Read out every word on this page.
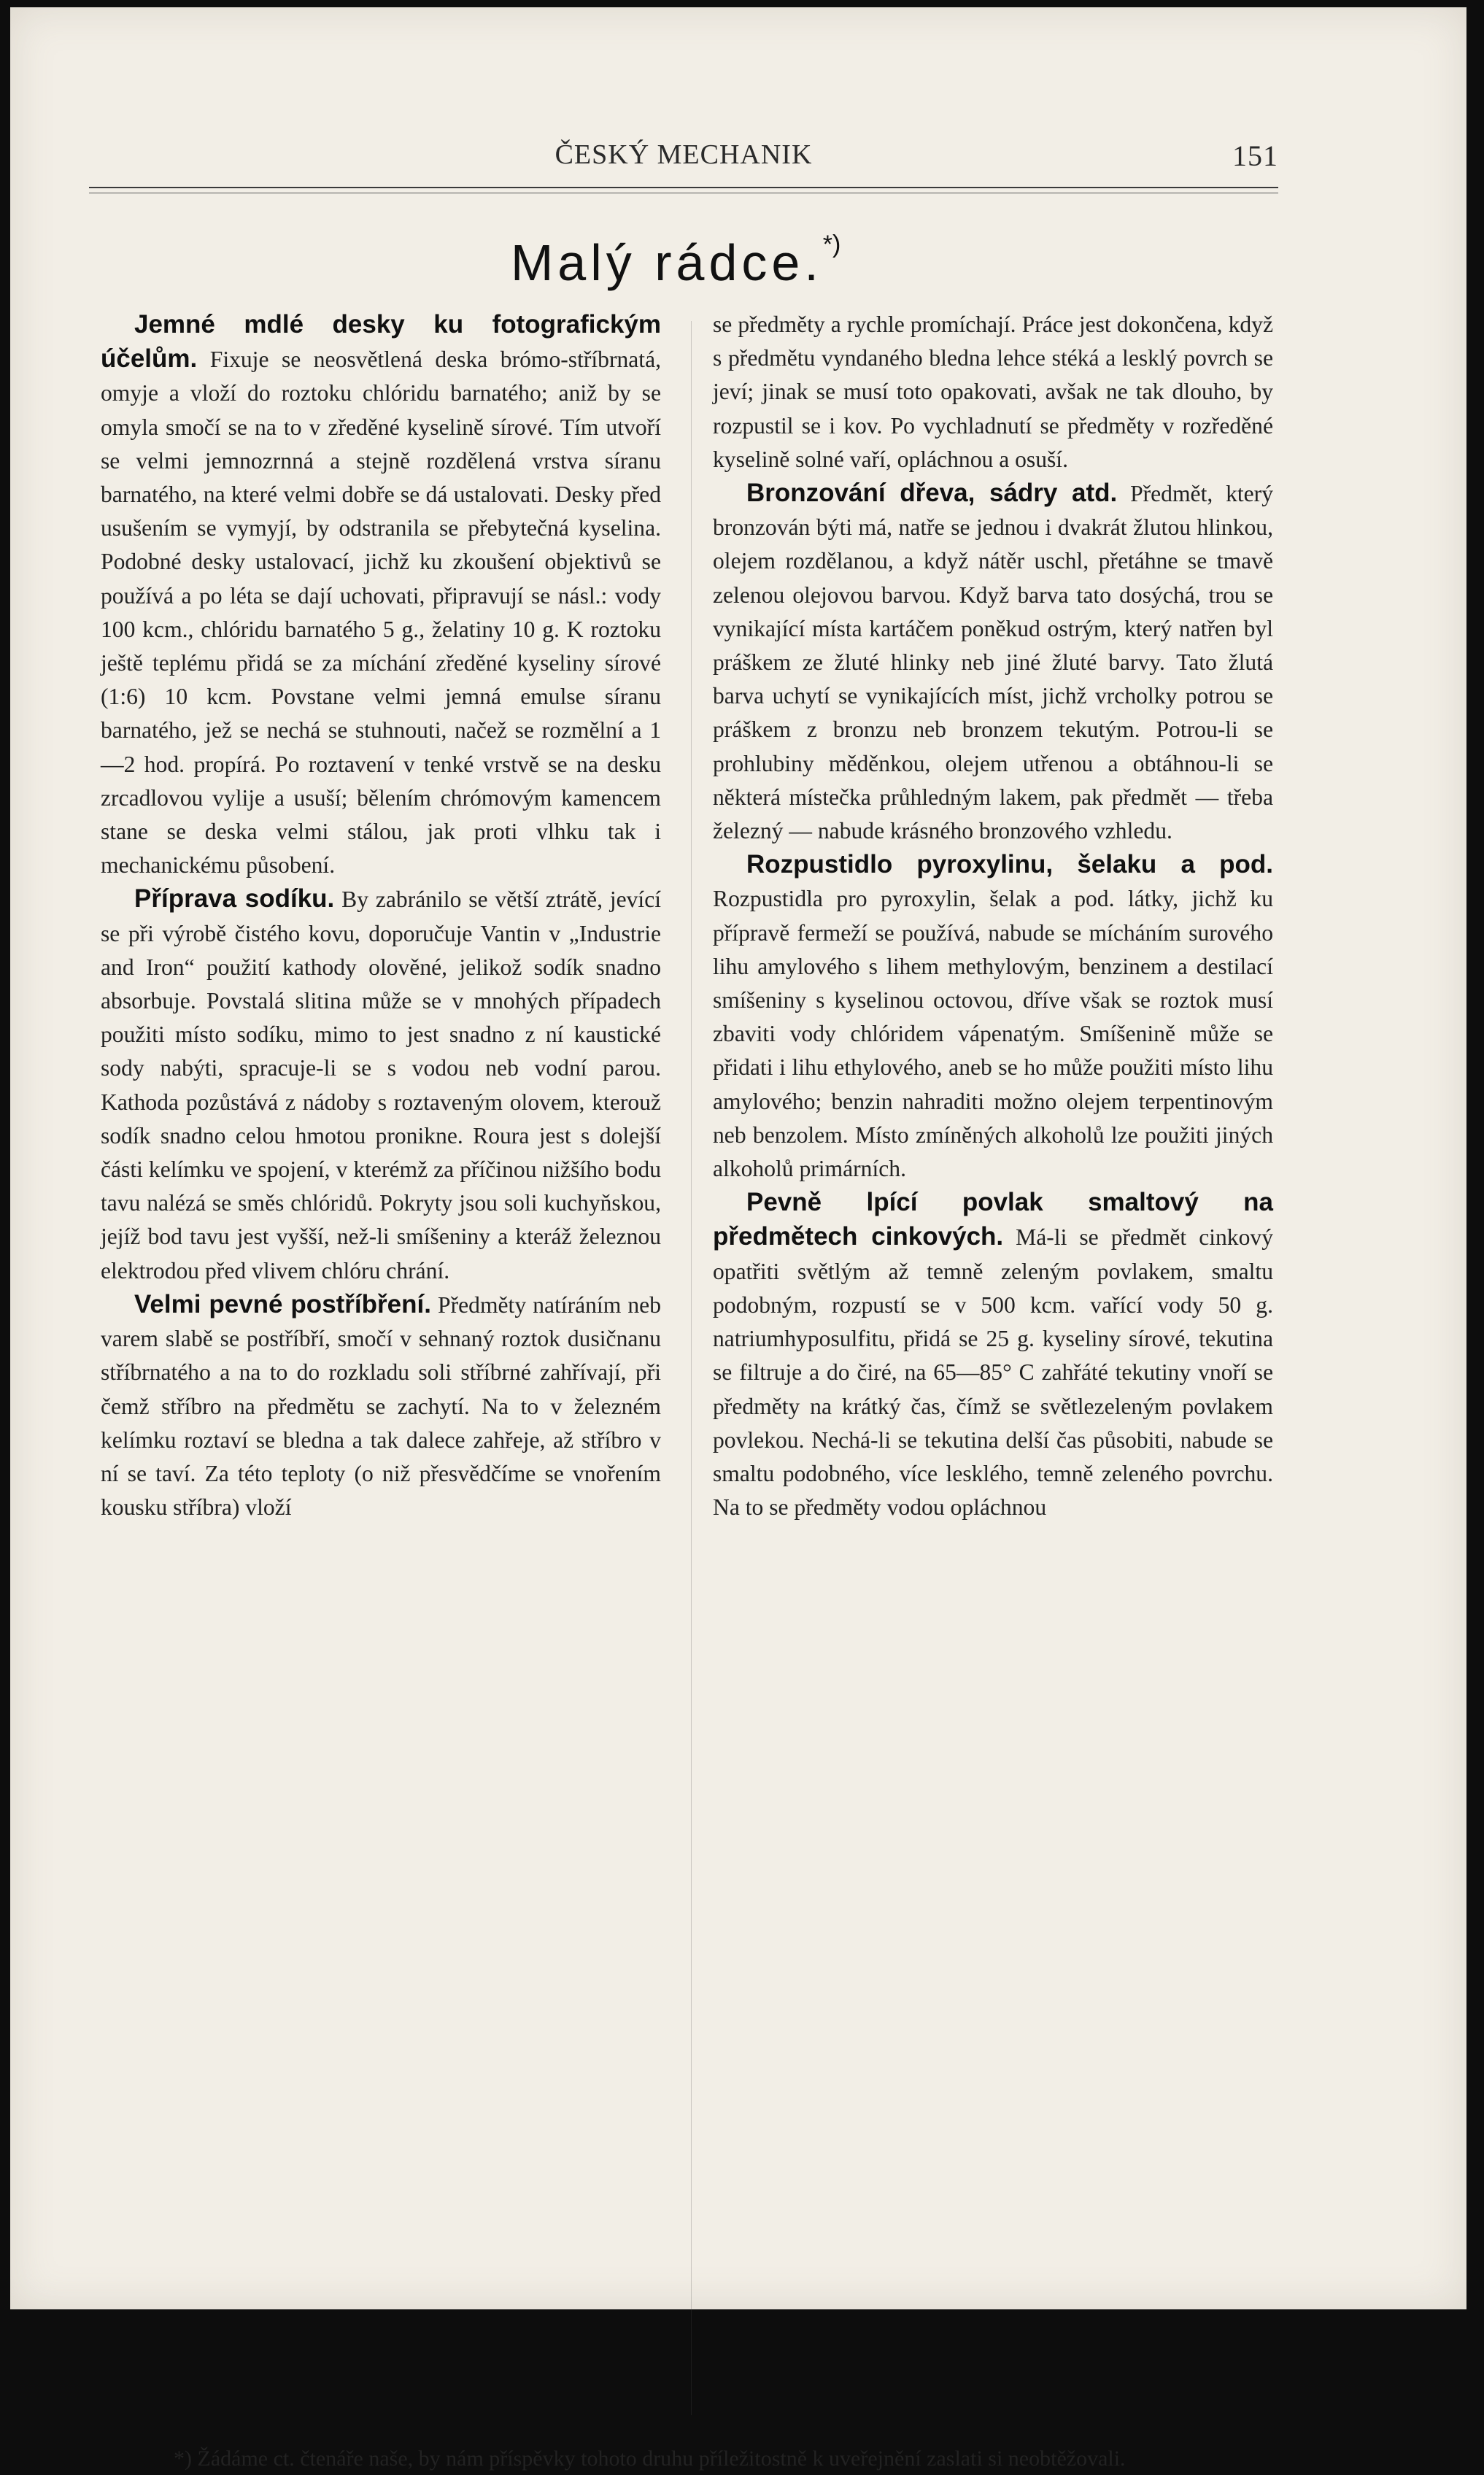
ČESKÝ MECHANIK	151
Malý rádce.*)

Jemné mdlé desky ku fotografickým účelům. Fixuje se neosvětlená deska brómo-stříbrnatá, omyje a vloží do roztoku chlóridu barnatého; aniž by se omyla smočí se na to v zředěné kyselině sírové. Tím utvoří se velmi jemnozrnná a stejně rozdělená vrstva síranu barnatého, na které velmi dobře se dá ustalovati. Desky před usušením se vymyjí, by odstranila se přebytečná kyselina. Podobné desky ustalovací, jichž ku zkoušení objektivů se používá a po léta se dají uchovati, připravují se násl.: vody 100 kcm., chlóridu barnatého 5 g., želatiny 10 g. K roztoku ještě teplému přidá se za míchání zředěné kyseliny sírové (1:6) 10 kcm. Povstane velmi jemná emulse síranu barnatého, jež se nechá se stuhnouti, načež se rozmělní a 1—2 hod. propírá. Po roztavení v tenké vrstvě se na desku zrcadlovou vylije a usuší; bělením chrómovým kamencem stane se deska velmi stálou, jak proti vlhku tak i mechanickému působení.

Příprava sodíku. By zabránilo se větší ztrátě, jevící se při výrobě čistého kovu, doporučuje Vantin v „Industrie and Iron“ použití kathody olověné, jelikož sodík snadno absorbuje. Povstalá slitina může se v mnohých případech použiti místo sodíku, mimo to jest snadno z ní kaustické sody nabýti, spracuje-li se s vodou neb vodní parou. Kathoda pozůstává z nádoby s roztaveným olovem, kterouž sodík snadno celou hmotou pronikne. Roura jest s dolejší části kelímku ve spojení, v kterémž za příčinou nižšího bodu tavu nalézá se směs chlóridů. Pokryty jsou soli kuchyňskou, jejíž bod tavu jest vyšší, než-li smíšeniny a kteráž železnou elektrodou před vlivem chlóru chrání.

Velmi pevné postříbření. Předměty natíráním neb varem slabě se postříbří, smočí v sehnaný roztok dusičnanu stříbrnatého a na to do rozkladu soli stříbrné zahřívají, při čemž stříbro na předmětu se zachytí. Na to v železném kelímku roztaví se bledna a tak dalece zahřeje, až stříbro v ní se taví. Za této teploty (o niž přesvědčíme se vnořením kousku stříbra) vloží

se předměty a rychle promíchají. Práce jest dokončena, když s předmětu vyndaného bledna lehce stéká a lesklý povrch se jeví; jinak se musí toto opakovati, avšak ne tak dlouho, by rozpustil se i kov. Po vychladnutí se předměty v rozředěné kyselině solné vaří, opláchnou a osuší.

Bronzování dřeva, sádry atd. Předmět, který bronzován býti má, natře se jednou i dvakrát žlutou hlinkou, olejem rozdělanou, a když nátěr uschl, přetáhne se tmavě zelenou olejovou barvou. Když barva tato dosýchá, trou se vynikající místa kartáčem poněkud ostrým, který natřen byl práškem ze žluté hlinky neb jiné žluté barvy. Tato žlutá barva uchytí se vynikajících míst, jichž vrcholky potrou se práškem z bronzu neb bronzem tekutým. Potrou-li se prohlubiny měděnkou, olejem utřenou a obtáhnou-li se některá místečka průhledným lakem, pak předmět — třeba železný — nabude krásného bronzového vzhledu.

Rozpustidlo pyroxylinu, šelaku a pod. Rozpustidla pro pyroxylin, šelak a pod. látky, jichž ku přípravě fermeží se používá, nabude se mícháním surového lihu amylového s lihem methylovým, benzinem a destilací smíšeniny s kyselinou octovou, dříve však se roztok musí zbaviti vody chlóridem vápenatým. Smíšenině může se přidati i lihu ethylového, aneb se ho může použiti místo lihu amylového; benzin nahraditi možno olejem terpentinovým neb benzolem. Místo zmíněných alkoholů lze použiti jiných alkoholů primárních.

Pevně lpící povlak smaltový na předmětech cinkových. Má-li se předmět cinkový opatřiti světlým až temně zeleným povlakem, smaltu podobným, rozpustí se v 500 kcm. vařící vody 50 g. natriumhyposulfitu, přidá se 25 g. kyseliny sírové, tekutina se filtruje a do čiré, na 65—85° C zahřáté tekutiny vnoří se předměty na krátký čas, čímž se světlezeleným povlakem povlekou. Nechá-li se tekutina delší čas působiti, nabude se smaltu podobného, více lesklého, temně zeleného povrchu. Na to se předměty vodou opláchnou

*) Žádáme ct. čtenáře naše, by nám příspěvky tohoto druhu příležitostně k uveřejnění zaslati si neobtěžovali.
